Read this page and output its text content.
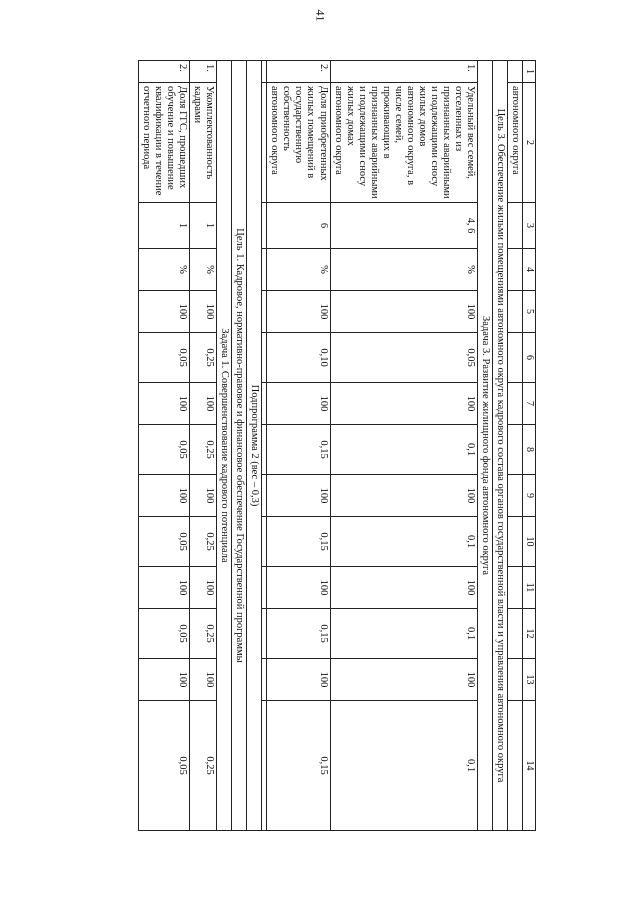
41
1	2	3	4	5	6	7	8	9	10	11	12	13	14
	автономного округа												
Цель 3. Обеспечение жильми помещениями автономного округа кадрового состава органов государственной власти и управления автономного округа													
Задача 3. Развитие жилищного фонда автономного округа													
1.	Удельный вес семей, отселенных из признанных аварийными и подлежащими сносу жилых домов автономного округа, в числе семей, проживающих в признанных аварийными и подлежащими сносу жилых домах автономного округа	4, 6	%	100	0,05	100	0,1	100	0,1	100	0,1	100	0,1
2.	Доля приобретенных жилых помещений в государственную собственность автономного округа	6	%	100	0,10	100	0,15	100	0,15	100	0,15	100	0,15

Подпрограмма 2 (вес – 0,3)													
Цель 1. Кадровое, нормативно-правовое и финансовое обеспечение Государственной программы													
Задача 1. Совершенствование кадрового потенциала													
1.	Укомплектованность кадрами	1	%	100	0,25	100	0,25	100	0,25	100	0,25	100	0,25
2.	Доля ГГС, прошедших обучение и повышение квалификации в течение отчетного периода	1	%	100	0,05	100	0,05	100	0,05	100	0,05	100	0,05
